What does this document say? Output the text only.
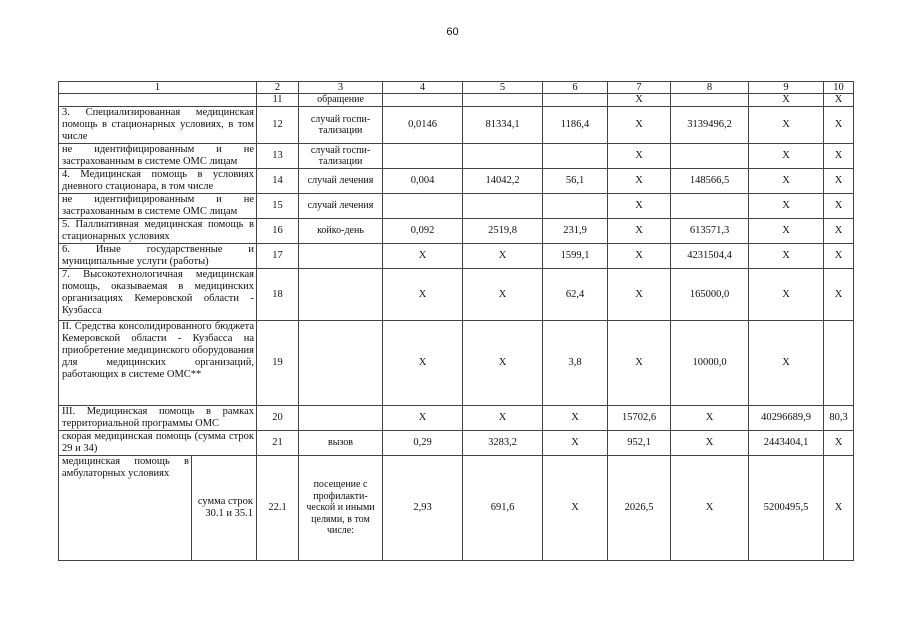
60
1		2	3	4	5	6	7	8	9	10
		11	обращение				Х		Х	Х
3. Специализированная медицинская помощь в стационарных условиях, в том числе		12	случай госпи-тализации	0,0146	81334,1	1186,4	Х	3139496,2	Х	Х
не идентифицированным и не застрахованным в системе ОМС лицам		13	случай госпи-тализации				Х		Х	Х
4. Медицинская помощь в условиях дневного стационара, в том числе		14	случай лечения	0,004	14042,2	56,1	Х	148566,5	Х	Х
не идентифицированным и не застрахованным в системе ОМС лицам		15	случай лечения				Х		Х	Х
5. Паллиативная медицинская помощь в стационарных условиях		16	койко-день	0,092	2519,8	231,9	Х	613571,3	Х	Х
6. Иные государственные и муниципальные услуги (работы)		17		Х	Х	1599,1	Х	4231504,4	Х	Х
7. Высокотехнологичная медицинская помощь, оказываемая в медицинских организациях Кемеровской области - Кузбасса		18		Х	Х	62,4	Х	165000,0	Х	Х
II. Средства консолидированного бюджета Кемеровской области - Кузбасса на приобретение медицинского оборудования для медицинских организаций, работающих в системе ОМС**		19		Х	Х	3,8	Х	10000,0	Х	
III. Медицинская помощь в рамках территориальной программы ОМС		20		Х	Х	Х	15702,6	Х	40296689,9	80,3
скорая медицинская помощь (сумма строк 29 и 34)		21	вызов	0,29	3283,2	Х	952,1	Х	2443404,1	Х
медицинская помощь в амбулаторных условиях	сумма строк 30.1 и 35.1	22.1	посещение с профилакти-ческой и иными целями, в том числе:	2,93	691,6	Х	2026,5	Х	5200495,5	Х
